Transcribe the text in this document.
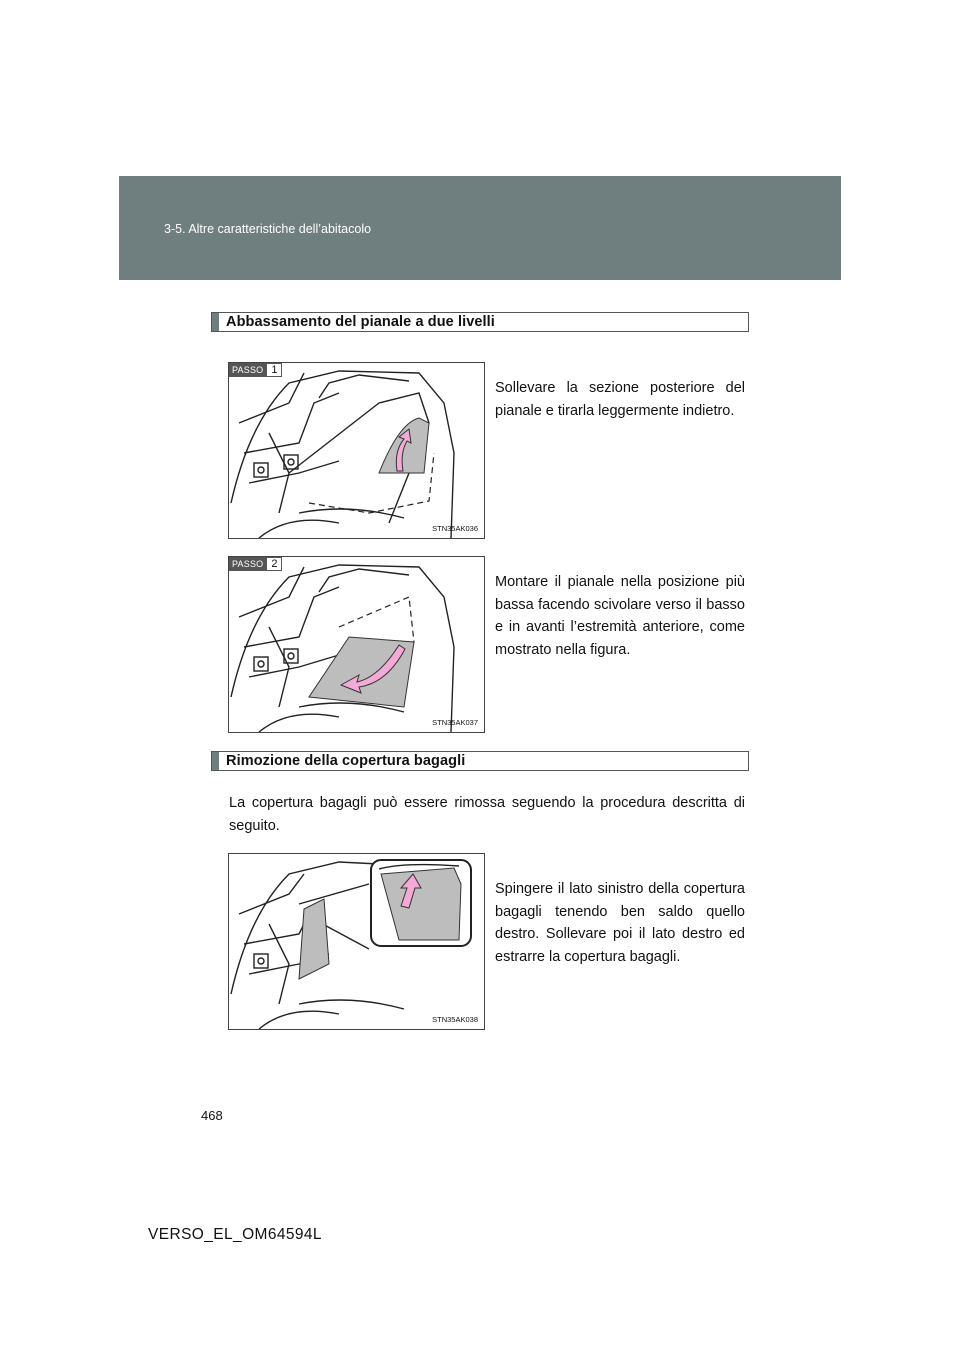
3-5. Altre caratteristiche dell’abitacolo
Abbassamento del pianale a due livelli
PASSO 1
STN35AK036
Sollevare la sezione posteriore del pianale e tirarla leggermente indietro.
PASSO 2
STN35AK037
Montare il pianale nella posizione più bassa facendo scivolare verso il basso e in avanti l’estremità anteriore, come mostrato nella figura.
Rimozione della copertura bagagli
La copertura bagagli può essere rimossa seguendo la procedura descritta di seguito.
STN35AK038
Spingere il lato sinistro della copertura bagagli tenendo ben saldo quello destro. Sollevare poi il lato destro ed estrarre la copertura bagagli.
468
VERSO_EL_OM64594L
